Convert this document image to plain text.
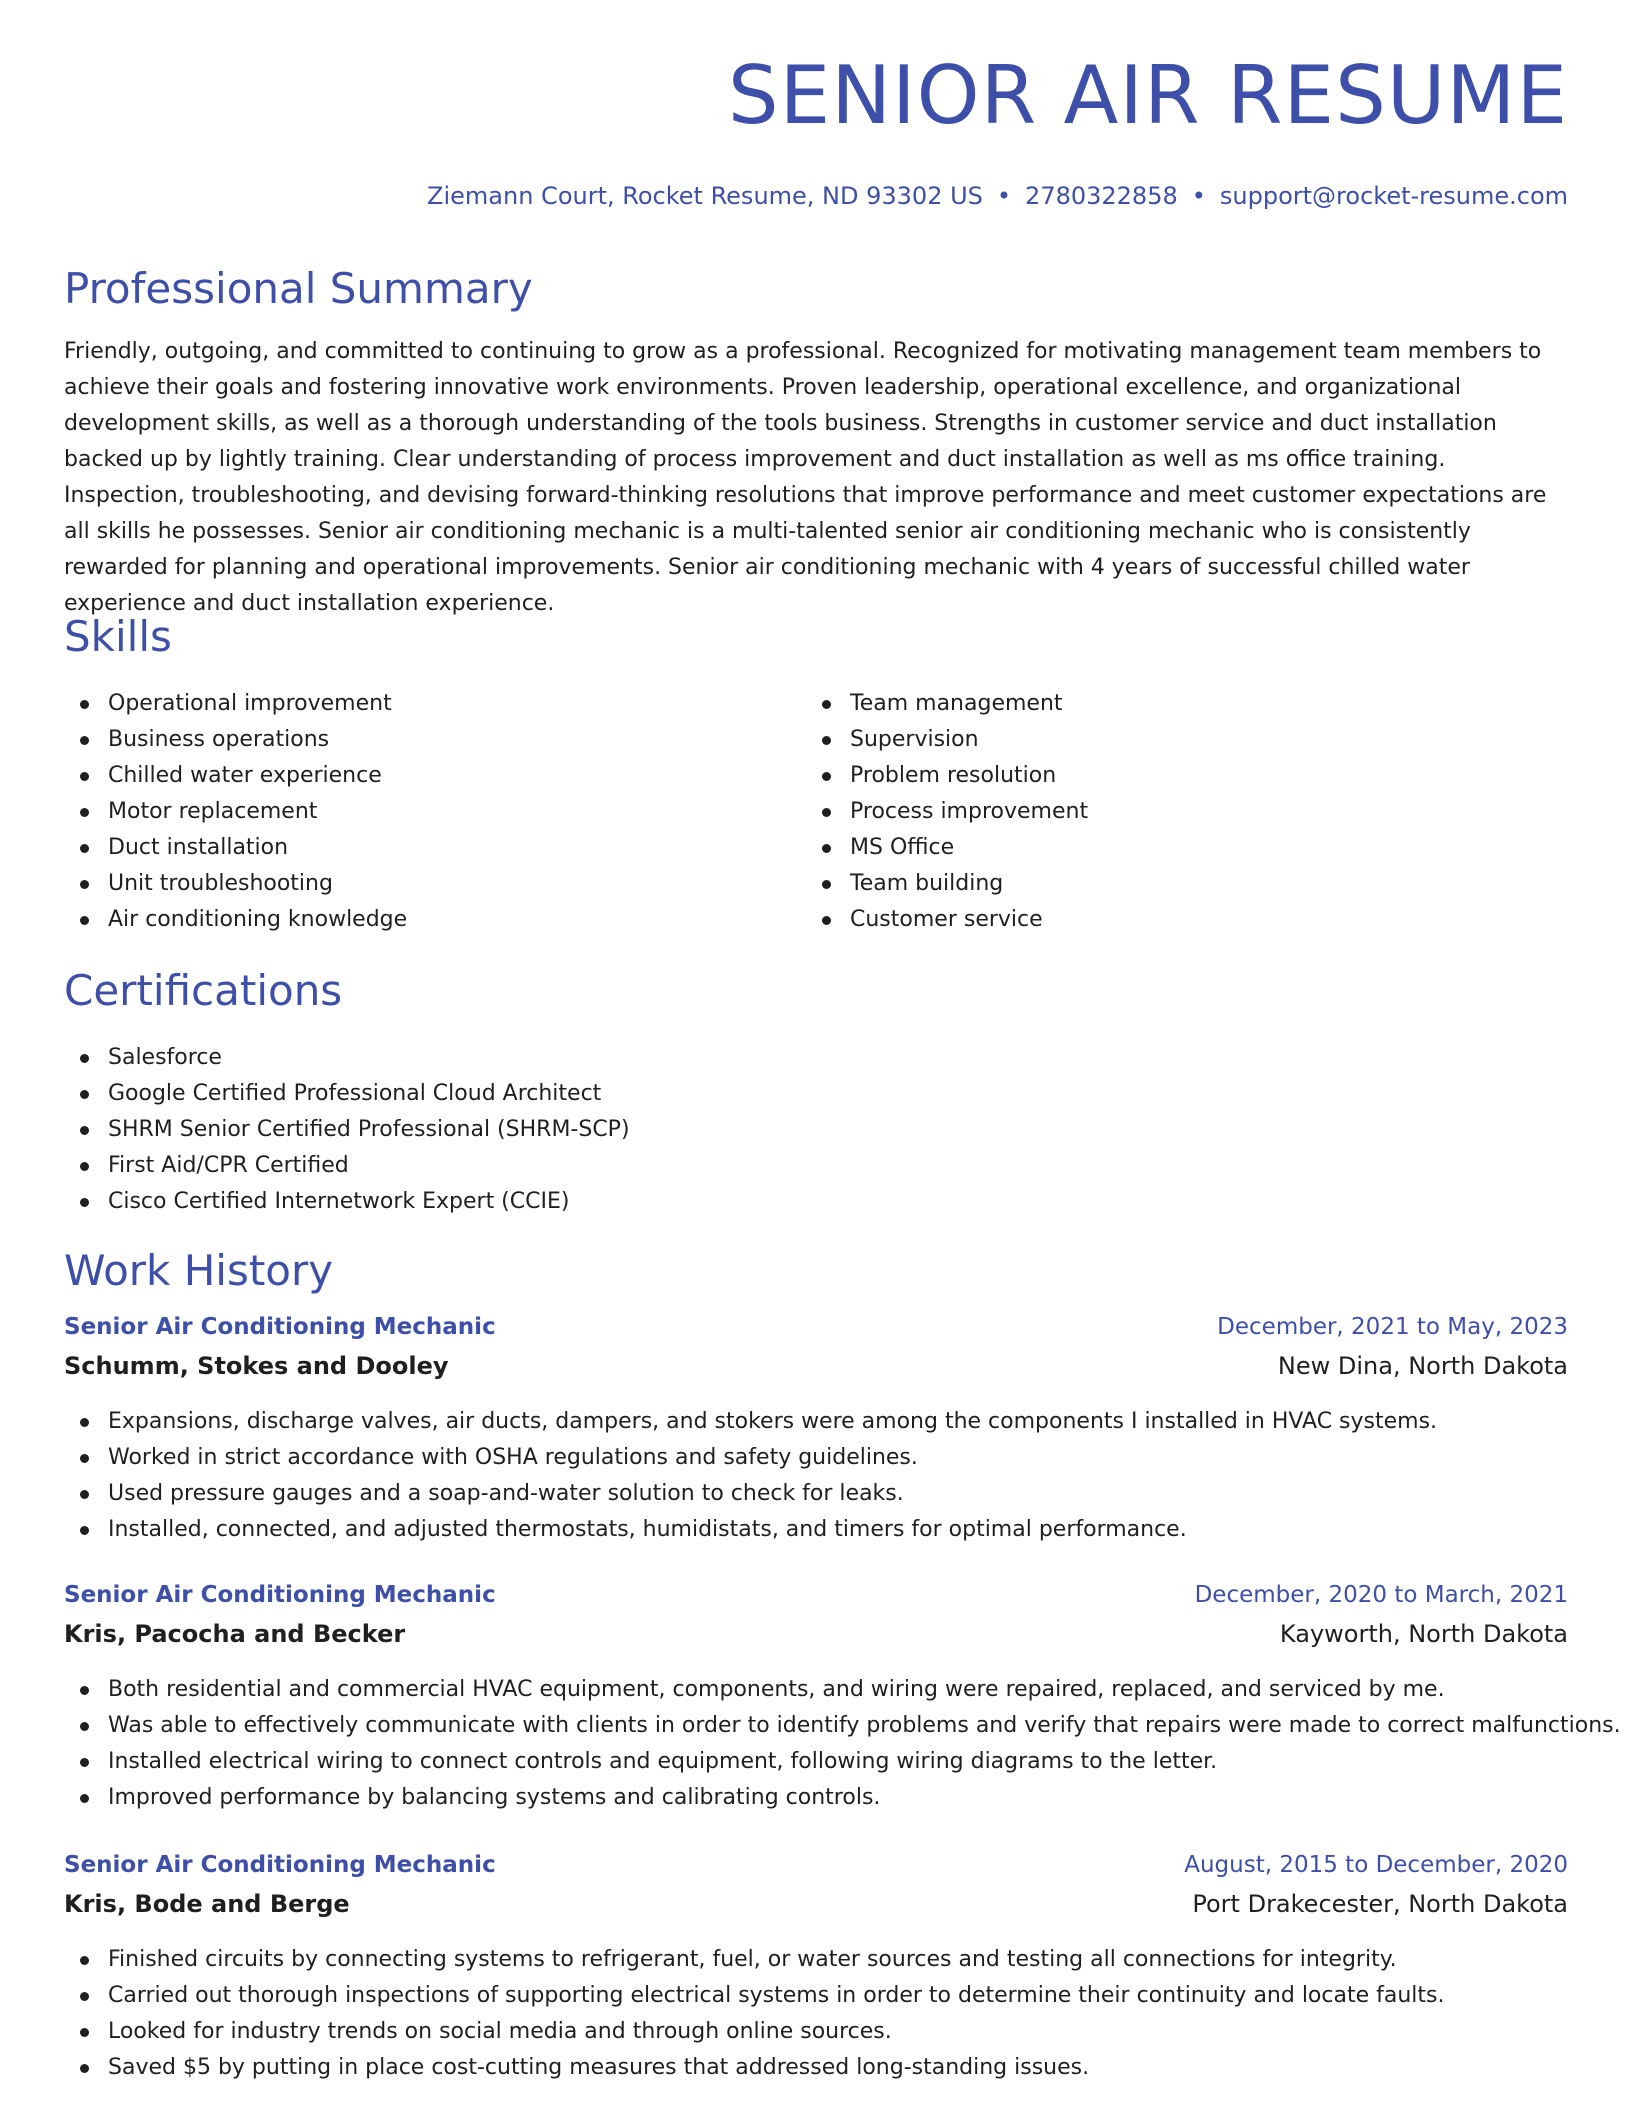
SENIOR AIR RESUME
Ziemann Court, Rocket Resume, ND 93302 US • 2780322858 • support@rocket-resume.com
Professional Summary

Friendly, outgoing, and committed to continuing to grow as a professional. Recognized for motivating management team members to achieve their goals and fostering innovative work environments. Proven leadership, operational excellence, and organizational development skills, as well as a thorough understanding of the tools business. Strengths in customer service and duct installation backed up by lightly training. Clear understanding of process improvement and duct installation as well as ms office training. Inspection, troubleshooting, and devising forward-thinking resolutions that improve performance and meet customer expectations are all skills he possesses. Senior air conditioning mechanic is a multi-talented senior air conditioning mechanic who is consistently rewarded for planning and operational improvements. Senior air conditioning mechanic with 4 years of successful chilled water experience and duct installation experience.

Skills
Operational improvement
Business operations
Chilled water experience
Motor replacement
Duct installation
Unit troubleshooting
Air conditioning knowledge
Team management
Supervision
Problem resolution
Process improvement
MS Office
Team building
Customer service
Certifications
Salesforce
Google Certified Professional Cloud Architect
SHRM Senior Certified Professional (SHRM-SCP)
First Aid/CPR Certified
Cisco Certified Internetwork Expert (CCIE)
Work History
Senior Air Conditioning Mechanic	December, 2021 to May, 2023
Schumm, Stokes and Dooley	New Dina, North Dakota
Expansions, discharge valves, air ducts, dampers, and stokers were among the components I installed in HVAC systems.
Worked in strict accordance with OSHA regulations and safety guidelines.
Used pressure gauges and a soap-and-water solution to check for leaks.
Installed, connected, and adjusted thermostats, humidistats, and timers for optimal performance.
Senior Air Conditioning Mechanic	December, 2020 to March, 2021
Kris, Pacocha and Becker	Kayworth, North Dakota
Both residential and commercial HVAC equipment, components, and wiring were repaired, replaced, and serviced by me.
Was able to effectively communicate with clients in order to identify problems and verify that repairs were made to correct malfunctions.
Installed electrical wiring to connect controls and equipment, following wiring diagrams to the letter.
Improved performance by balancing systems and calibrating controls.
Senior Air Conditioning Mechanic	August, 2015 to December, 2020
Kris, Bode and Berge	Port Drakecester, North Dakota
Finished circuits by connecting systems to refrigerant, fuel, or water sources and testing all connections for integrity.
Carried out thorough inspections of supporting electrical systems in order to determine their continuity and locate faults.
Looked for industry trends on social media and through online sources.
Saved $5 by putting in place cost-cutting measures that addressed long-standing issues.
